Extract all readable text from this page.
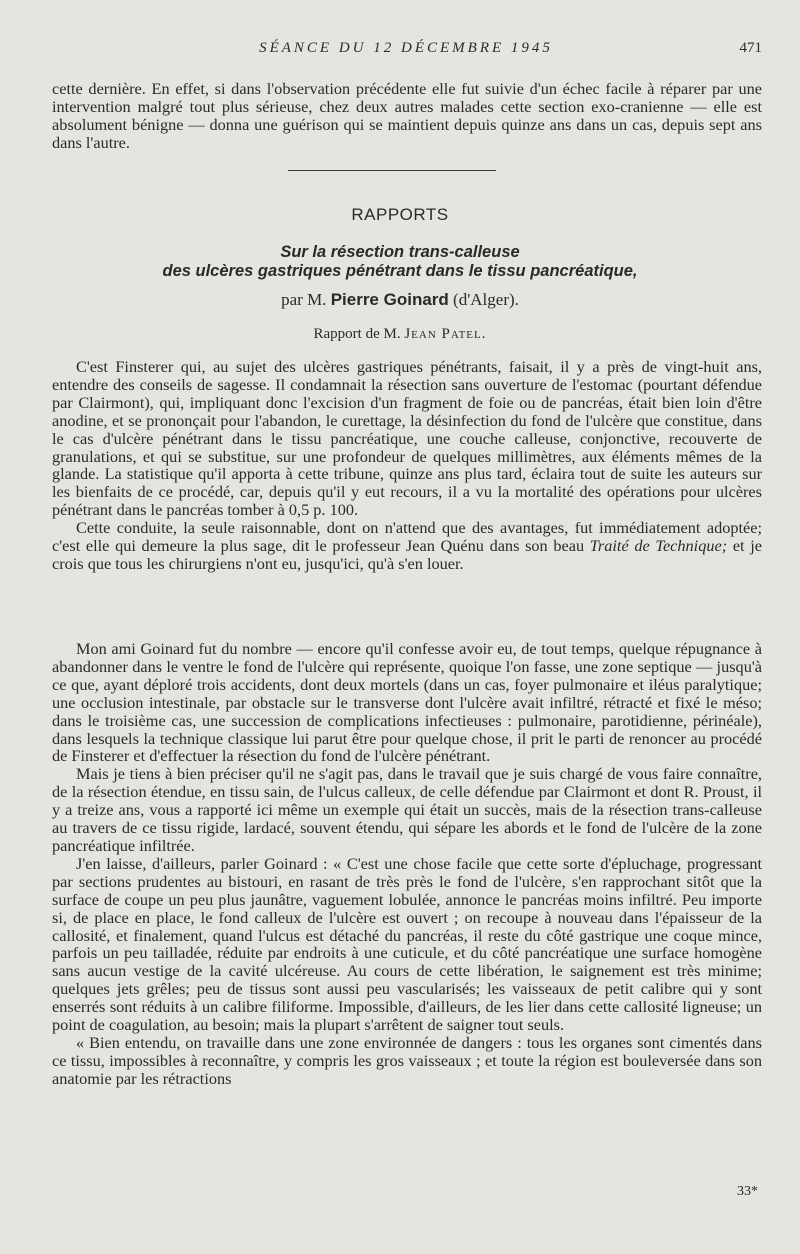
SÉANCE DU 12 DÉCEMBRE 1945	471

cette dernière. En effet, si dans l'observation précédente elle fut suivie d'un échec facile à réparer par une intervention malgré tout plus sérieuse, chez deux autres malades cette section exo-cranienne — elle est absolument bénigne — donna une guérison qui se maintient depuis quinze ans dans un cas, depuis sept ans dans l'autre.

RAPPORTS
Sur la résection trans-calleuse
des ulcères gastriques pénétrant dans le tissu pancréatique,
par M. Pierre Goinard (d'Alger).
Rapport de M. Jean Patel.

C'est Finsterer qui, au sujet des ulcères gastriques pénétrants, faisait, il y a près de vingt-huit ans, entendre des conseils de sagesse. Il condamnait la résection sans ouverture de l'estomac (pourtant défendue par Clairmont), qui, impliquant donc l'excision d'un fragment de foie ou de pancréas, était bien loin d'être anodine, et se prononçait pour l'abandon, le curettage, la désinfection du fond de l'ulcère que constitue, dans le cas d'ulcère pénétrant dans le tissu pancréatique, une couche calleuse, conjonctive, recouverte de granulations, et qui se substitue, sur une profondeur de quelques millimètres, aux éléments mêmes de la glande. La statistique qu'il apporta à cette tribune, quinze ans plus tard, éclaira tout de suite les auteurs sur les bienfaits de ce procédé, car, depuis qu'il y eut recours, il a vu la mortalité des opérations pour ulcères pénétrant dans le pancréas tomber à 0,5 p. 100.

Cette conduite, la seule raisonnable, dont on n'attend que des avantages, fut immédiatement adoptée; c'est elle qui demeure la plus sage, dit le professeur Jean Quénu dans son beau Traité de Technique; et je crois que tous les chirurgiens n'ont eu, jusqu'ici, qu'à s'en louer.

Mon ami Goinard fut du nombre — encore qu'il confesse avoir eu, de tout temps, quelque répugnance à abandonner dans le ventre le fond de l'ulcère qui représente, quoique l'on fasse, une zone septique — jusqu'à ce que, ayant déploré trois accidents, dont deux mortels (dans un cas, foyer pulmonaire et iléus paralytique; une occlusion intestinale, par obstacle sur le transverse dont l'ulcère avait infiltré, rétracté et fixé le méso; dans le troisième cas, une succession de complications infectieuses : pulmonaire, parotidienne, périnéale), dans lesquels la technique classique lui parut être pour quelque chose, il prit le parti de renoncer au procédé de Finsterer et d'effectuer la résection du fond de l'ulcère pénétrant.

Mais je tiens à bien préciser qu'il ne s'agit pas, dans le travail que je suis chargé de vous faire connaître, de la résection étendue, en tissu sain, de l'ulcus calleux, de celle défendue par Clairmont et dont R. Proust, il y a treize ans, vous a rapporté ici même un exemple qui était un succès, mais de la résection trans-calleuse au travers de ce tissu rigide, lardacé, souvent étendu, qui sépare les abords et le fond de l'ulcère de la zone pancréatique infiltrée.

J'en laisse, d'ailleurs, parler Goinard : « C'est une chose facile que cette sorte d'épluchage, progressant par sections prudentes au bistouri, en rasant de très près le fond de l'ulcère, s'en rapprochant sitôt que la surface de coupe un peu plus jaunâtre, vaguement lobulée, annonce le pancréas moins infiltré. Peu importe si, de place en place, le fond calleux de l'ulcère est ouvert ; on recoupe à nouveau dans l'épaisseur de la callosité, et finalement, quand l'ulcus est détaché du pancréas, il reste du côté gastrique une coque mince, parfois un peu tailladée, réduite par endroits à une cuticule, et du côté pancréatique une surface homogène sans aucun vestige de la cavité ulcéreuse. Au cours de cette libération, le saignement est très minime; quelques jets grêles; peu de tissus sont aussi peu vascularisés; les vaisseaux de petit calibre qui y sont enserrés sont réduits à un calibre filiforme. Impossible, d'ailleurs, de les lier dans cette callosité ligneuse; un point de coagulation, au besoin; mais la plupart s'arrêtent de saigner tout seuls.

« Bien entendu, on travaille dans une zone environnée de dangers : tous les organes sont cimentés dans ce tissu, impossibles à reconnaître, y compris les gros vaisseaux ; et toute la région est bouleversée dans son anatomie par les rétractions

33*
